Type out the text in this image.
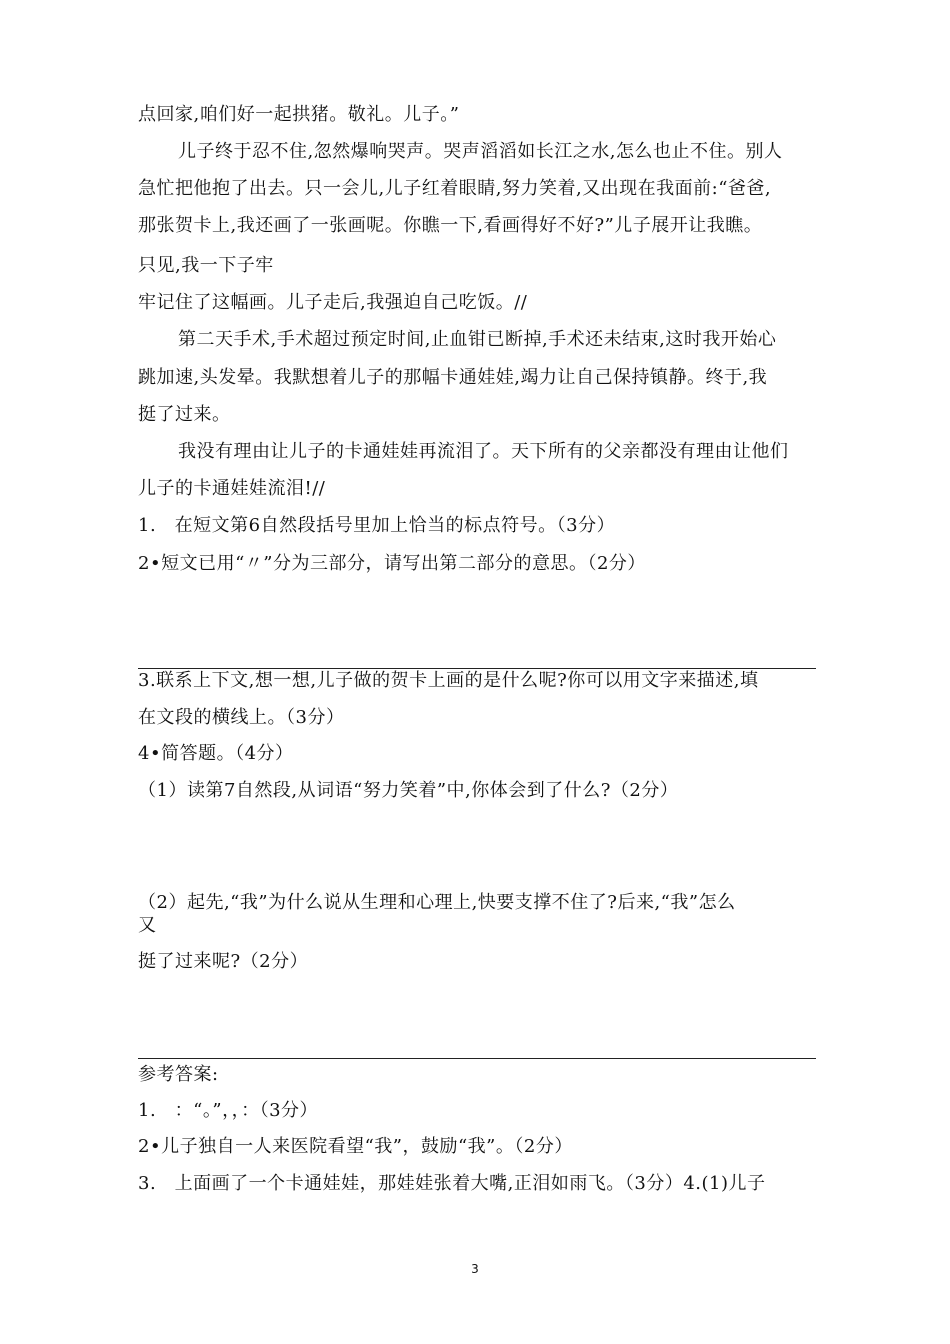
点回家,咱们好一起拱猪。敬礼。儿子。”
儿子终于忍不住,忽然爆响哭声。哭声滔滔如长江之水,怎么也止不住。别人
急忙把他抱了出去。只一会儿,儿子红着眼睛,努力笑着,又出现在我面前:“爸爸,
那张贺卡上,我还画了一张画呢。你瞧一下,看画得好不好?”儿子展开让我瞧。
只见,我一下子牢
牢记住了这幅画。儿子走后,我强迫自己吃饭。//
第二天手术,手术超过预定时间,止血钳已断掉,手术还未结束,这时我开始心
跳加速,头发晕。我默想着儿子的那幅卡通娃娃,竭力让自己保持镇静。终于,我
挺了过来。
我没有理由让儿子的卡通娃娃再流泪了。天下所有的父亲都没有理由让他们
儿子的卡通娃娃流泪!//
1.　在短文第6自然段括号里加上恰当的标点符号。（3分）
2•短文已用“〃”分为三部分，请写出第二部分的意思。（2分）
3.联系上下文,想一想,儿子做的贺卡上画的是什么呢?你可以用文字来描述,填
在文段的横线上。（3分）
4•简答题。（4分）
（1）读第7自然段,从词语“努力笑着”中,你体会到了什么?（2分）
（2）起先,“我”为什么说从生理和心理上,快要支撑不住了?后来,“我”怎么
又
挺了过来呢?（2分）
参考答案:
1.　：“。”，，：（3分）
2•儿子独自一人来医院看望“我”，鼓励“我”。（2分）
3.　上面画了一个卡通娃娃，那娃娃张着大嘴,正泪如雨飞。（3分）4.(1)儿子
3
